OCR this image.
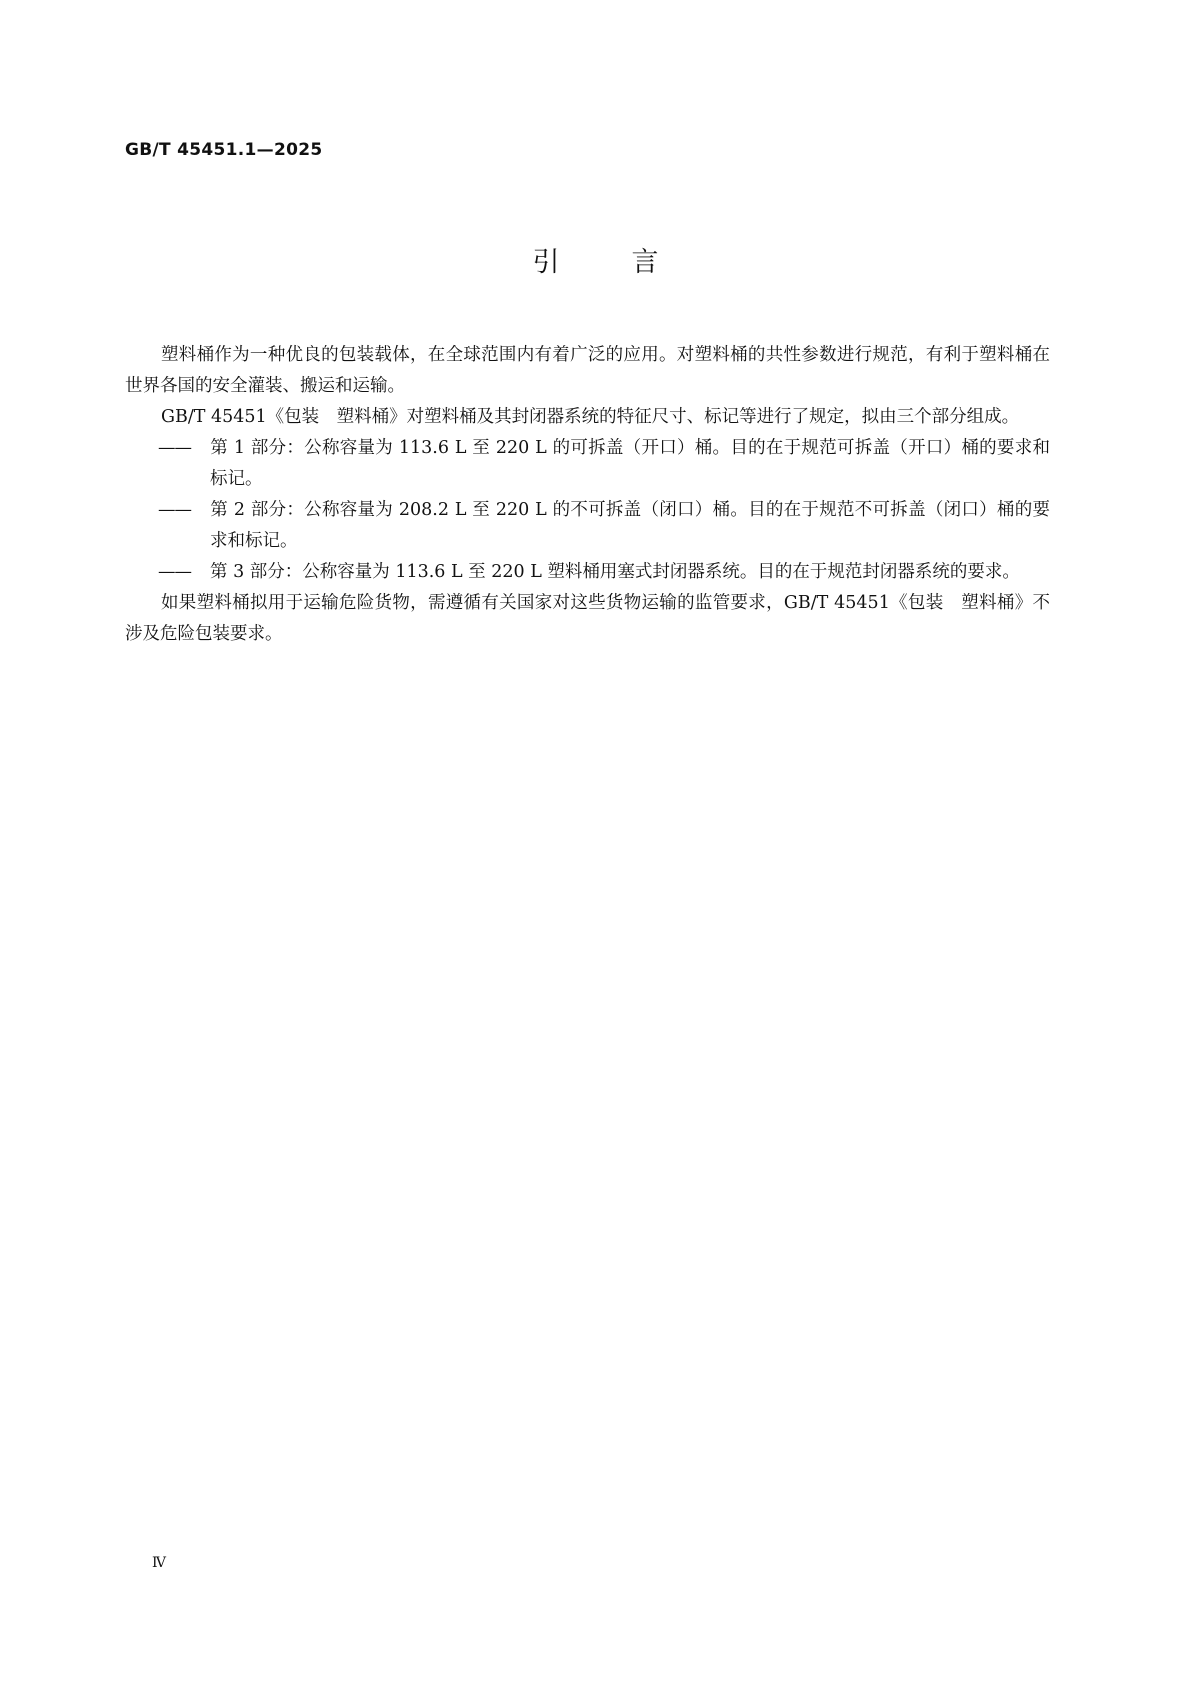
GB/T 45451.1—2025
引言

塑料桶作为一种优良的包装载体，在全球范围内有着广泛的应用。对塑料桶的共性参数进行规范，有利于塑料桶在世界各国的安全灌装、搬运和运输。

GB/T 45451《包装　塑料桶》对塑料桶及其封闭器系统的特征尺寸、标记等进行了规定，拟由三个部分组成。

—— 第 1 部分：公称容量为 113.6 L 至 220 L 的可拆盖（开口）桶。目的在于规范可拆盖（开口）桶的要求和标记。

—— 第 2 部分：公称容量为 208.2 L 至 220 L 的不可拆盖（闭口）桶。目的在于规范不可拆盖（闭口）桶的要求和标记。

—— 第 3 部分：公称容量为 113.6 L 至 220 L 塑料桶用塞式封闭器系统。目的在于规范封闭器系统的要求。

如果塑料桶拟用于运输危险货物，需遵循有关国家对这些货物运输的监管要求，GB/T 45451《包装　塑料桶》不涉及危险包装要求。

Ⅳ
